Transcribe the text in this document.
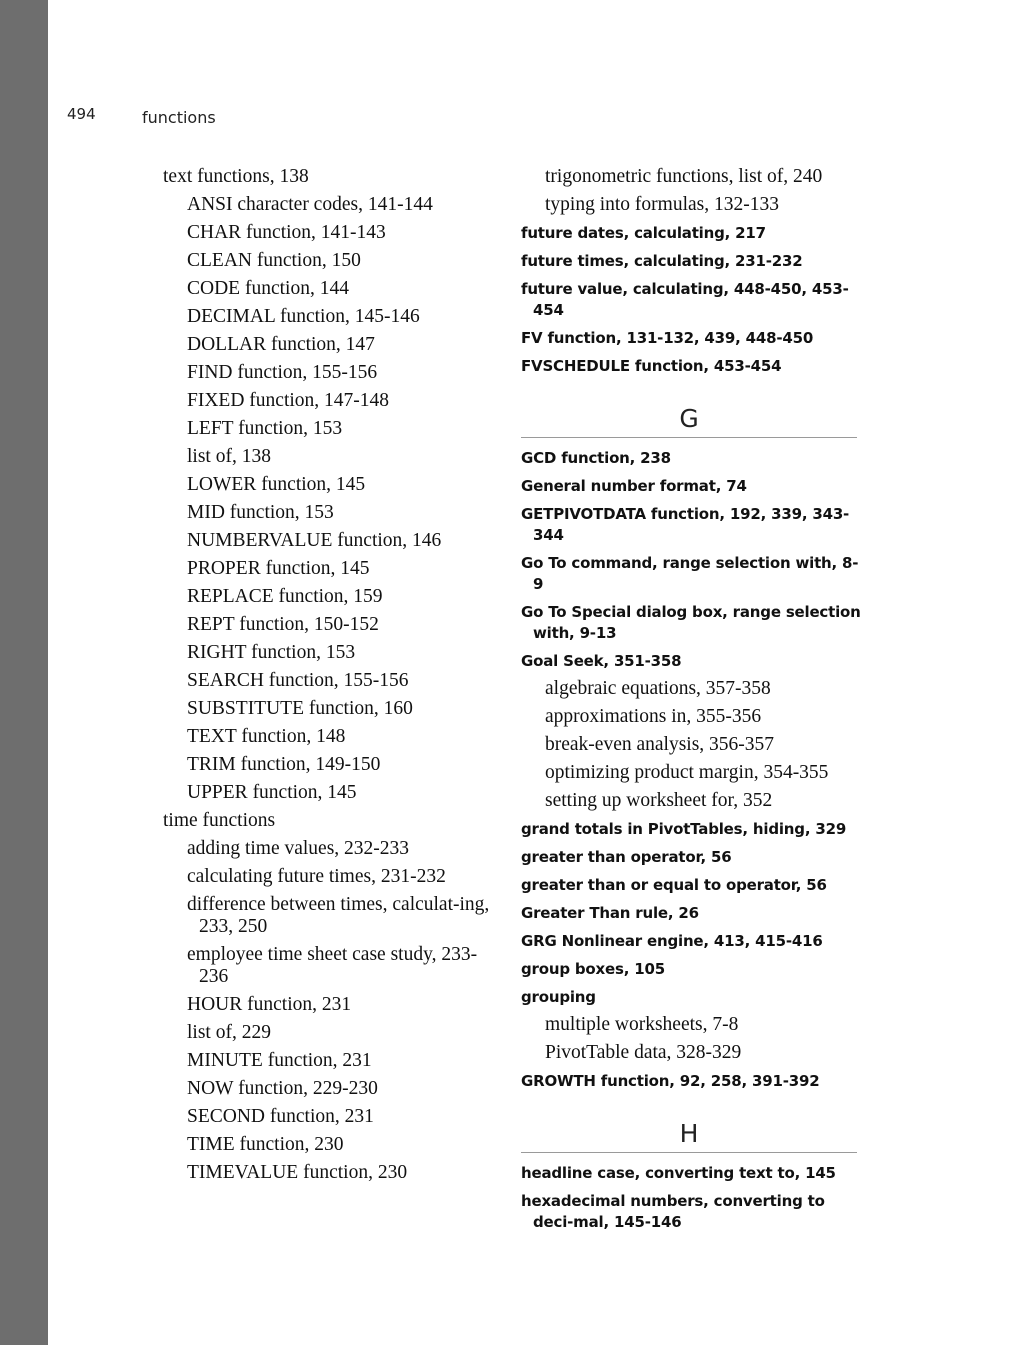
494	functions
text functions, 138
ANSI character codes, 141-144
CHAR function, 141-143
CLEAN function, 150
CODE function, 144
DECIMAL function, 145-146
DOLLAR function, 147
FIND function, 155-156
FIXED function, 147-148
LEFT function, 153
list of, 138
LOWER function, 145
MID function, 153
NUMBERVALUE function, 146
PROPER function, 145
REPLACE function, 159
REPT function, 150-152
RIGHT function, 153
SEARCH function, 155-156
SUBSTITUTE function, 160
TEXT function, 148
TRIM function, 149-150
UPPER function, 145
time functions
adding time values, 232-233
calculating future times, 231-232
difference between times, calculat-ing, 233, 250
employee time sheet case study, 233-236
HOUR function, 231
list of, 229
MINUTE function, 231
NOW function, 229-230
SECOND function, 231
TIME function, 230
TIMEVALUE function, 230
trigonometric functions, list of, 240
typing into formulas, 132-133
future dates, calculating, 217
future times, calculating, 231-232
future value, calculating, 448-450, 453-454
FV function, 131-132, 439, 448-450
FVSCHEDULE function, 453-454
G
GCD function, 238
General number format, 74
GETPIVOTDATA function, 192, 339, 343-344
Go To command, range selection with, 8-9
Go To Special dialog box, range selection with, 9-13
Goal Seek, 351-358
algebraic equations, 357-358
approximations in, 355-356
break-even analysis, 356-357
optimizing product margin, 354-355
setting up worksheet for, 352
grand totals in PivotTables, hiding, 329
greater than operator, 56
greater than or equal to operator, 56
Greater Than rule, 26
GRG Nonlinear engine, 413, 415-416
group boxes, 105
grouping
multiple worksheets, 7-8
PivotTable data, 328-329
GROWTH function, 92, 258, 391-392
H
headline case, converting text to, 145
hexadecimal numbers, converting to deci-mal, 145-146
